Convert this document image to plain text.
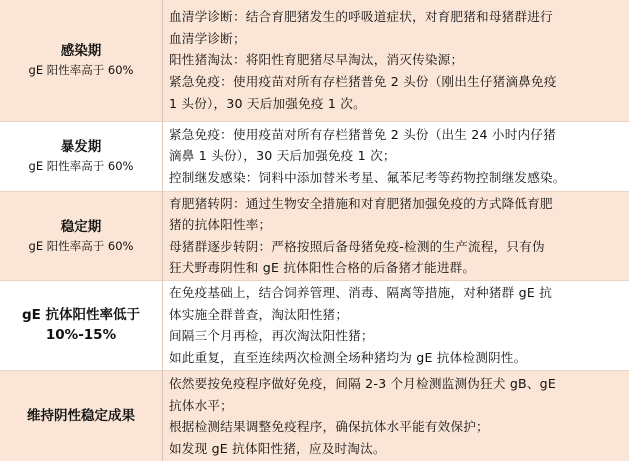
感染期
gE 阳性率高于 60%	血清学诊断：结合育肥猪发生的呼吸道症状，对育肥猪和母猪群进行
血清学诊断；
阳性猪淘汰：将阳性育肥猪尽早淘汰，消灭传染源；
紧急免疫：使用疫苗对所有存栏猪普免 2 头份（刚出生仔猪滴鼻免疫
1 头份），30 天后加强免疫 1 次。

暴发期
gE 阳性率高于 60%	紧急免疫：使用疫苗对所有存栏猪普免 2 头份（出生 24 小时内仔猪
滴鼻 1 头份），30 天后加强免疫 1 次；
控制继发感染：饲料中添加替米考星、氟苯尼考等药物控制继发感染。

稳定期
gE 阳性率高于 60%	育肥猪转阴：通过生物安全措施和对育肥猪加强免疫的方式降低育肥
猪的抗体阳性率；
母猪群逐步转阴：严格按照后备母猪免疫-检测的生产流程，只有伪
狂犬野毒阴性和 gE 抗体阳性合格的后备猪才能进群。

gE 抗体阳性率低于
10%-15%	在免疫基础上，结合饲养管理、消毒、隔离等措施，对种猪群 gE 抗
体实施全群普查，淘汰阳性猪；
间隔三个月再检，再次淘汰阳性猪；
如此重复，直至连续两次检测全场种猪均为 gE 抗体检测阴性。

维持阴性稳定成果	依然要按免疫程序做好免疫，间隔 2-3 个月检测监测伪狂犬 gB、gE
抗体水平；
根据检测结果调整免疫程序，确保抗体水平能有效保护；
如发现 gE 抗体阳性猪，应及时淘汰。
